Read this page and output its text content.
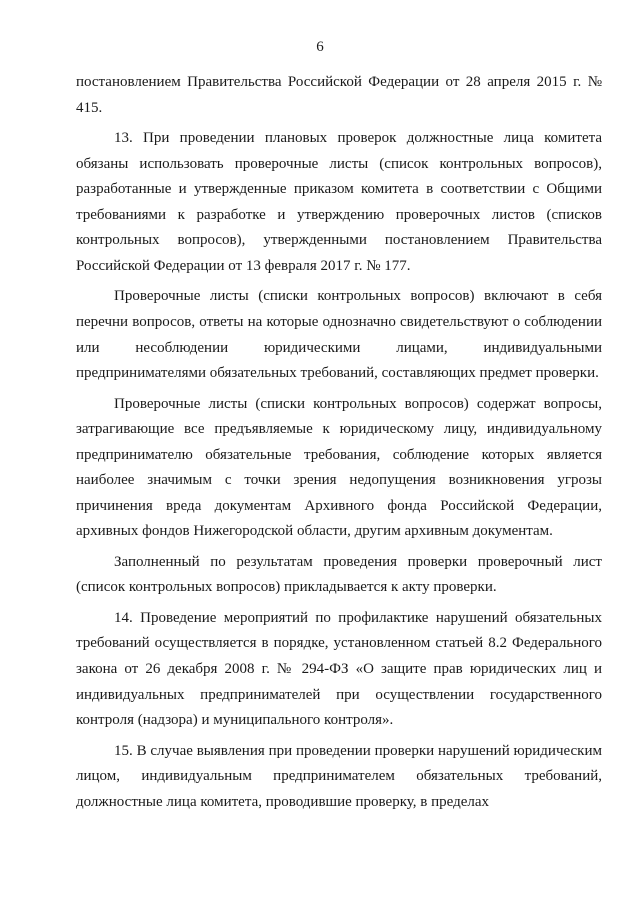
6

постановлением Правительства Российской Федерации от 28 апреля 2015 г. № 415.

13. При проведении плановых проверок должностные лица комитета обязаны использовать проверочные листы (список контрольных вопросов), разработанные и утвержденные приказом комитета в соответствии с Общими требованиями к разработке и утверждению проверочных листов (списков контрольных вопросов), утвержденными постановлением Правительства Российской Федерации от 13 февраля 2017 г. № 177.

Проверочные листы (списки контрольных вопросов) включают в себя перечни вопросов, ответы на которые однозначно свидетельствуют о соблюдении или несоблюдении юридическими лицами, индивидуальными предпринимателями обязательных требований, составляющих предмет проверки.

Проверочные листы (списки контрольных вопросов) содержат вопросы, затрагивающие все предъявляемые к юридическому лицу, индивидуальному предпринимателю обязательные требования, соблюдение которых является наиболее значимым с точки зрения недопущения возникновения угрозы причинения вреда документам Архивного фонда Российской Федерации, архивных фондов Нижегородской области, другим архивным документам.

Заполненный по результатам проведения проверки проверочный лист (список контрольных вопросов) прикладывается к акту проверки.

14. Проведение мероприятий по профилактике нарушений обязательных требований осуществляется в порядке, установленном статьей 8.2 Федерального закона от 26 декабря 2008 г. № 294-ФЗ «О защите прав юридических лиц и индивидуальных предпринимателей при осуществлении государственного контроля (надзора) и муниципального контроля».

15. В случае выявления при проведении проверки нарушений юридическим лицом, индивидуальным предпринимателем обязательных требований, должностные лица комитета, проводившие проверку, в пределах
